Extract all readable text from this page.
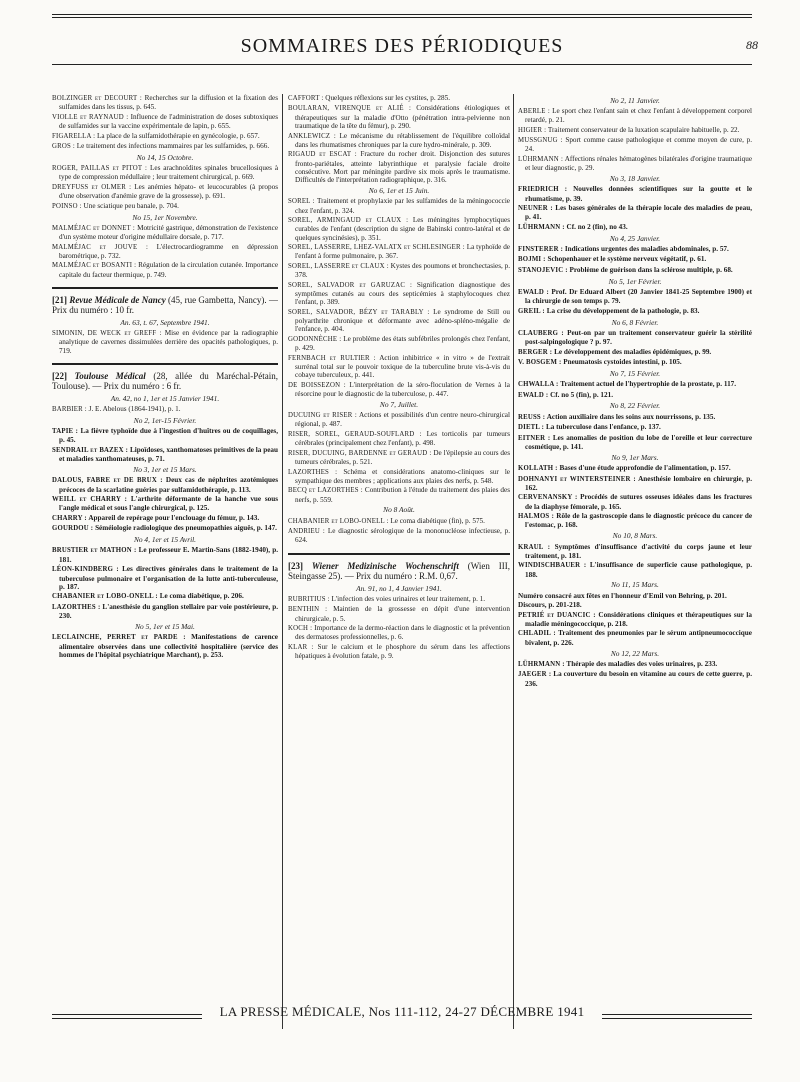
SOMMAIRES DES PÉRIODIQUES	88
BOLZINGER et DECOURT : Recherches sur la diffusion et la fixation des sulfamides dans les tissus, p. 645.
VIOLLE et RAYNAUD : Influence de l'administration de doses subtoxiques de sulfamides sur la vaccine expérimentale de lapin, p. 655.
FIGARELLA : La place de la sulfamidothérapie en gynécologie, p. 657.
GROS : Le traitement des infections mammaires par les sulfamides, p. 666.
No 14, 15 Octobre.
ROGER, PAILLAS et PITOT : Les arachnoïdites spinales brucellosiques à type de compression médullaire ; leur traitement chirurgical, p. 669.
DREYFUSS et OLMER : Les anémies hépato- et leucocurables (à propos d'une observation d'anémie grave de la grossesse), p. 691.
POINSO : Une sciatique peu banale, p. 704.
No 15, 1er Novembre.
MALMÉJAC et DONNET : Motricité gastrique, démonstration de l'existence d'un système moteur d'origine médullaire dorsale, p. 717.
MALMÉJAC et JOUVE : L'électrocardiogramme en dépression barométrique, p. 732.
MALMÉJAC et BOSANTI : Régulation de la circulation cutanée. Importance capitale du facteur thermique, p. 749.
[21] Revue Médicale de Nancy (45, rue Gambetta, Nancy). — Prix du numéro : 10 fr.
An. 63, t. 67, Septembre 1941.
SIMONIN, DE WECK et GREFF : Mise en évidence par la radiographie analytique de cavernes dissimulées derrière des opacités pathologiques, p. 719.
[22] Toulouse Médical (28, allée du Maréchal-Pétain, Toulouse). — Prix du numéro : 6 fr.
An. 42, no 1, 1er et 15 Janvier 1941.
BARBIER : J. E. Abelous (1864-1941), p. 1.
No 2, 1er-15 Février.
TAPIE : La fièvre typhoïde due à l'ingestion d'huîtres ou de coquillages, p. 45.
SENDRAIL et BAZEX : Lipoïdoses, xanthomatoses primitives de la peau et maladies xanthomateuses, p. 71.
No 3, 1er et 15 Mars.
DALOUS, FABRE et DE BRUX : Deux cas de néphrites azotémiques précoces de la scarlatine guéries par sulfamidothérapie, p. 113.
WEILL et CHARRY : L'arthrite déformante de la hanche vue sous l'angle médical et sous l'angle chirurgical, p. 125.
CHARRY : Appareil de repérage pour l'enclouage du fémur, p. 143.
GOURDOU : Séméiologie radiologique des pneumopathies aiguës, p. 147.
No 4, 1er et 15 Avril.
BRUSTIER et MATHON : Le professeur E. Martin-Sans (1882-1940), p. 181.
LÉON-KINDBERG : Les directives générales dans le traitement de la tuberculose pulmonaire et l'organisation de la lutte anti-tuberculeuse, p. 187.
CHABANIER et LOBO-ONELL : Le coma diabétique, p. 206.
LAZORTHES : L'anesthésie du ganglion stellaire par voie postérieure, p. 230.
No 5, 1er et 15 Mai.
LECLAINCHE, PERRET et PARDE : Manifestations de carence alimentaire observées dans une collectivité hospitalière (service des hommes de l'hôpital psychiatrique Marchant), p. 253.
CAFFORT : Quelques réflexions sur les cystites, p. 285.
BOULARAN, VIRENQUE et ALIÉ : Considérations étiologiques et thérapeutiques sur la maladie d'Otto (pénétration intra-pelvienne non traumatique de la tête du fémur), p. 290.
ANKLEWICZ : Le mécanisme du rétablissement de l'équilibre colloïdal dans les rhumatismes chroniques par la cure hydro-minérale, p. 309.
RIGAUD et ESCAT : Fracture du rocher droit. Disjonction des sutures fronto-pariétales, atteinte labyrinthique et paralysie faciale droite consécutive. Mort par méningite pardive six mois après le traumatisme. Difficultés de l'interprétation radiographique, p. 316.
No 6, 1er et 15 Juin.
SOREL : Traitement et prophylaxie par les sulfamides de la méningococcie chez l'enfant, p. 324.
SOREL, ARMINGAUD et CLAUX : Les méningites lymphocytiques curables de l'enfant (description du signe de Babinski contro-latéral et de quelques syncinésies), p. 351.
SOREL, LASSERRE, LHEZ-VALATX et SCHLESINGER : La typhoïde de l'enfant à forme pulmonaire, p. 367.
SOREL, LASSERRE et CLAUX : Kystes des poumons et bronchectasies, p. 378.
SOREL, SALVADOR et GARUZAC : Signification diagnostique des symptômes cutanés au cours des septicémies à staphylocoques chez l'enfant, p. 389.
SOREL, SALVADOR, BÉZY et TARABLY : Le syndrome de Still ou polyarthrite chronique et déformante avec adéno-spléno-mégalie de l'enfance, p. 404.
GODONNÈCHE : Le problème des états subfébriles prolongés chez l'enfant, p. 429.
FERNBACH et RULTIER : Action inhibitrice « in vitro » de l'extrait surrénal total sur le pouvoir toxique de la tuberculine brute vis-à-vis du cobaye tuberculeux, p. 441.
DE BOISSEZON : L'interprétation de la séro-floculation de Vernes à la résorcine pour le diagnostic de la tuberculose, p. 447.
No 7, Juillet.
DUCUING et RISER : Actions et possibilités d'un centre neuro-chirurgical régional, p. 487.
RISER, SOREL, GERAUD-SOUFLARD : Les torticolis par tumeurs cérébrales (principalement chez l'enfant), p. 498.
RISER, DUCUING, BARDENNE et GERAUD : De l'épilepsie au cours des tumeurs cérébrales, p. 521.
LAZORTHES : Schéma et considérations anatomo-cliniques sur le sympathique des membres ; applications aux plaies des nerfs, p. 548.
BECQ et LAZORTHES : Contribution à l'étude du traitement des plaies des nerfs, p. 559.
No 8 Août.
CHABANIER et LOBO-ONELL : Le coma diabétique (fin), p. 575.
ANDRIEU : Le diagnostic sérologique de la mononucléose infectieuse, p. 624.
[23] Wiener Medizinische Wochenschrift (Wien III, Steingasse 25). — Prix du numéro : R.M. 0,67.
An. 91, no 1, 4 Janvier 1941.
RUBRITIUS : L'infection des voies urinaires et leur traitement, p. 1.
BENTHIN : Maintien de la grossesse en dépit d'une intervention chirurgicale, p. 5.
KOCH : Importance de la dermo-réaction dans le diagnostic et la prévention des dermatoses professionnelles, p. 6.
KLAR : Sur le calcium et le phosphore du sérum dans les affections hépatiques à évolution fatale, p. 9.
No 2, 11 Janvier.
ABERLE : Le sport chez l'enfant sain et chez l'enfant à développement corporel retardé, p. 21.
HIGIER : Traitement conservateur de la luxation scapulaire habituelle, p. 22.
MUSSGNUG : Sport comme cause pathologique et comme moyen de cure, p. 24.
LÜHRMANN : Affections rénales hématogènes bilatérales d'origine traumatique et leur diagnostic, p. 29.
No 3, 18 Janvier.
FRIEDRICH : Nouvelles données scientifiques sur la goutte et le rhumatisme, p. 39.
NEUNER : Les bases générales de la thérapie locale des maladies de peau, p. 41.
LÜHRMANN : Cf. no 2 (fin), no 43.
No 4, 25 Janvier.
FINSTERER : Indications urgentes des maladies abdominales, p. 57.
BOJMI : Schopenhauer et le système nerveux végétatif, p. 61.
STANOJEVIC : Problème de guérison dans la sclérose multiple, p. 68.
No 5, 1er Février.
EWALD : Prof. Dr Eduard Albert (20 Janvier 1841-25 Septembre 1900) et la chirurgie de son temps p. 79.
GREIL : La crise du développement de la pathologie, p. 83.
No 6, 8 Février.
CLAUBERG : Peut-on par un traitement conservateur guérir la stérilité post-salpingologique ? p. 97.
BERGER : Le développement des maladies épidémiques, p. 99.
V. BOSGEM : Pneumatosis cystoides intestini, p. 105.
No 7, 15 Février.
CHWALLA : Traitement actuel de l'hypertrophie de la prostate, p. 117.
EWALD : Cf. no 5 (fin), p. 121.
No 8, 22 Février.
REUSS : Action auxiliaire dans les soins aux nourrissons, p. 135.
DIETL : La tuberculose dans l'enfance, p. 137.
EITNER : Les anomalies de position du lobe de l'oreille et leur correcture cosmétique, p. 141.
No 9, 1er Mars.
KOLLATH : Bases d'une étude approfondie de l'alimentation, p. 157.
DOHNANYI et WINTERSTEINER : Anesthésie lombaire en chirurgie, p. 162.
CERVENANSKY : Procédés de sutures osseuses idéales dans les fractures de la diaphyse fémorale, p. 165.
HALMOS : Rôle de la gastroscopie dans le diagnostic précoce du cancer de l'estomac, p. 168.
No 10, 8 Mars.
KRAUL : Symptômes d'insuffisance d'activité du corps jaune et leur traitement, p. 181.
WINDISCHBAUER : L'insuffisance de superficie cause pathologique, p. 188.
No 11, 15 Mars.
Numéro consacré aux fêtes en l'honneur d'Emil von Behring, p. 201.
Discours, p. 201-218.
PETRIÉ et DUANCIC : Considérations cliniques et thérapeutiques sur la maladie méningococcique, p. 218.
CHLADIL : Traitement des pneumonies par le sérum antipneumococcique bivalent, p. 226.
No 12, 22 Mars.
LÜHRMANN : Thérapie des maladies des voies urinaires, p. 233.
JAEGER : La couverture du besoin en vitamine au cours de cette guerre, p. 236.
LA PRESSE MÉDICALE, Nos 111-112, 24-27 DÉCEMBRE 1941
